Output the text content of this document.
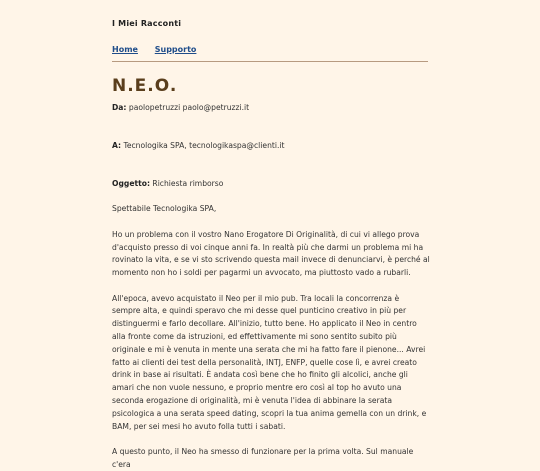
I Miei Racconti
Home Supporto
N.E.O.

Da: paolopetruzzi paolo@petruzzi.it

A: Tecnologika SPA, tecnologikaspa@clienti.it

Oggetto: Richiesta rimborso

Spettabile Tecnologika SPA,

Ho un problema con il vostro Nano Erogatore Di Originalità, di cui vi allego prova d'acquisto presso di voi cinque anni fa. In realtà più che darmi un problema mi ha rovinato la vita, e se vi sto scrivendo questa mail invece di denunciarvi, è perché al momento non ho i soldi per pagarmi un avvocato, ma piuttosto vado a rubarli.

All'epoca, avevo acquistato il Neo per il mio pub. Tra locali la concorrenza è sempre alta, e quindi speravo che mi desse quel punticino creativo in più per distinguermi e farlo decollare. All'inizio, tutto bene. Ho applicato il Neo in centro alla fronte come da istruzioni, ed effettivamente mi sono sentito subito più originale e mi è venuta in mente una serata che mi ha fatto fare il pienone... Avrei fatto ai clienti dei test della personalità, INTJ, ENFP, quelle cose lì, e avrei creato drink in base ai risultati. È andata così bene che ho finito gli alcolici, anche gli amari che non vuole nessuno, e proprio mentre ero così al top ho avuto una seconda erogazione di originalità, mi è venuta l'idea di abbinare la serata psicologica a una serata speed dating, scopri la tua anima gemella con un drink, e BAM, per sei mesi ho avuto folla tutti i sabati.

A questo punto, il Neo ha smesso di funzionare per la prima volta. Sul manuale c'era
